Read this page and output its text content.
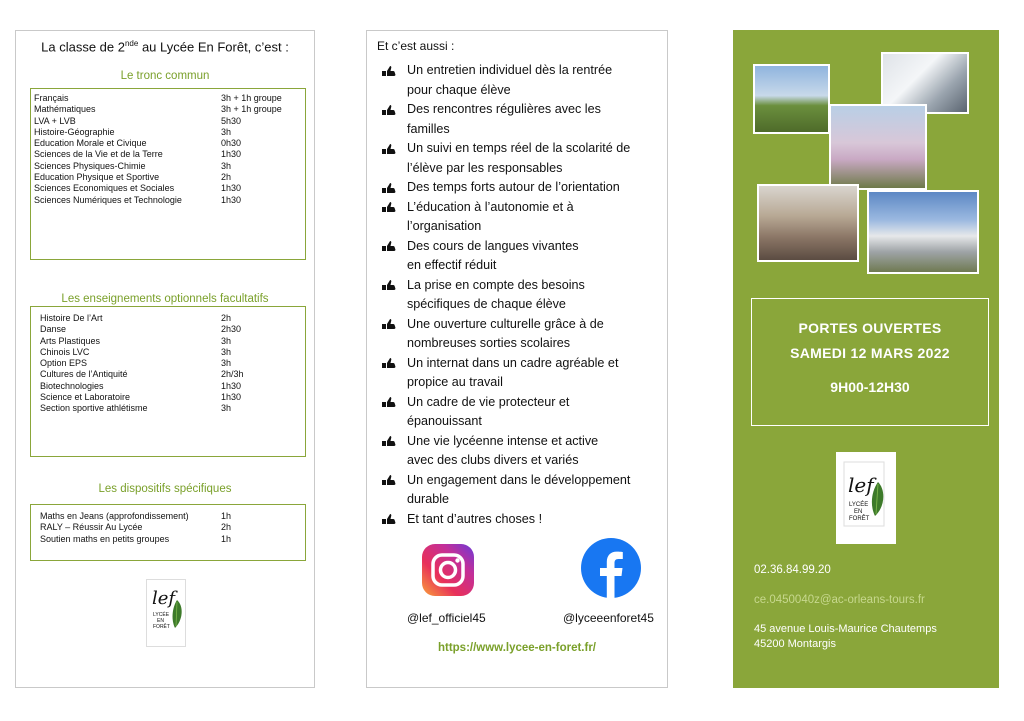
La classe de 2nde au Lycée En Forêt, c’est :
Le tronc commun
Français	3h + 1h groupe
Mathématiques	3h + 1h groupe
LVA + LVB	5h30
Histoire-Géographie	3h
Education Morale et Civique	0h30
Sciences de la Vie et de la Terre	1h30
Sciences Physiques-Chimie	3h
Education Physique et Sportive	2h
Sciences Economiques et Sociales	1h30
Sciences Numériques et Technologie	1h30
Les enseignements optionnels facultatifs
Histoire De l’Art	2h
Danse	2h30
Arts Plastiques	3h
Chinois LVC	3h
Option EPS	3h
Cultures de l’Antiquité	2h/3h
Biotechnologies	1h30
Science et Laboratoire	1h30
Section sportive athlétisme	3h
Les dispositifs spécifiques
Maths en Jeans (approfondissement)	1h
RALY – Réussir Au Lycée	2h
Soutien maths en petits groupes	1h
lef
LYCÉE
EN
FORÊT
Et c’est aussi :
Un entretien individuel dès la rentrée
pour chaque élève
Des rencontres régulières avec les
familles
Un suivi en temps réel de la scolarité de
l’élève par les responsables
Des temps forts autour de l’orientation
L’éducation à l’autonomie et à
l’organisation
Des cours de langues vivantes
en effectif réduit
La prise en compte des besoins
spécifiques de chaque élève
Une ouverture culturelle grâce à de
nombreuses sorties scolaires
Un internat dans un cadre agréable et
propice au travail
Un cadre de vie protecteur et
épanouissant
Une vie lycéenne intense et active
avec des clubs divers et variés
Un engagement dans le développement
durable
Et tant d’autres choses !
@lef_officiel45	@lyceeenforet45
https://www.lycee-en-foret.fr/
PORTES OUVERTES
SAMEDI 12 MARS 2022
9H00-12H30
lef
LYCÉE
EN
FORÊT
02.36.84.99.20
ce.0450040z@ac-orleans-tours.fr
45 avenue Louis-Maurice Chautemps
45200 Montargis
